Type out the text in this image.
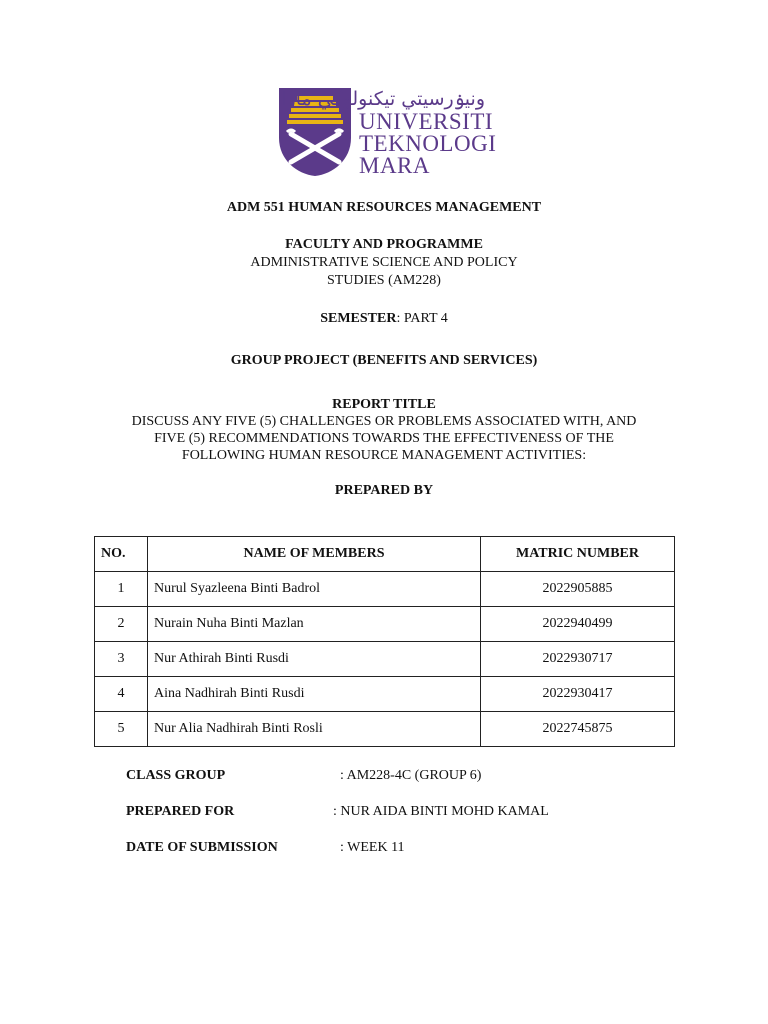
ونيۏرسيتي تيكنولوڬي مارا
UNIVERSITI
TEKNOLOGI
MARA
ADM 551 HUMAN RESOURCES MANAGEMENT
FACULTY AND PROGRAMME
ADMINISTRATIVE SCIENCE AND POLICY
STUDIES (AM228)
SEMESTER: PART 4
GROUP PROJECT (BENEFITS AND SERVICES)
REPORT TITLE
DISCUSS ANY FIVE (5) CHALLENGES OR PROBLEMS ASSOCIATED WITH, AND
FIVE (5) RECOMMENDATIONS TOWARDS THE EFFECTIVENESS OF THE
FOLLOWING HUMAN RESOURCE MANAGEMENT ACTIVITIES:
PREPARED BY
NO.	NAME OF MEMBERS	MATRIC NUMBER
1	Nurul Syazleena Binti Badrol	2022905885
2	Nurain Nuha Binti Mazlan	2022940499
3	Nur Athirah Binti Rusdi	2022930717
4	Aina Nadhirah Binti Rusdi	2022930417
5	Nur Alia Nadhirah Binti Rosli	2022745875
CLASS GROUP	: AM228-4C (GROUP 6)
PREPARED FOR	: NUR AIDA BINTI MOHD KAMAL
DATE OF SUBMISSION	: WEEK 11
